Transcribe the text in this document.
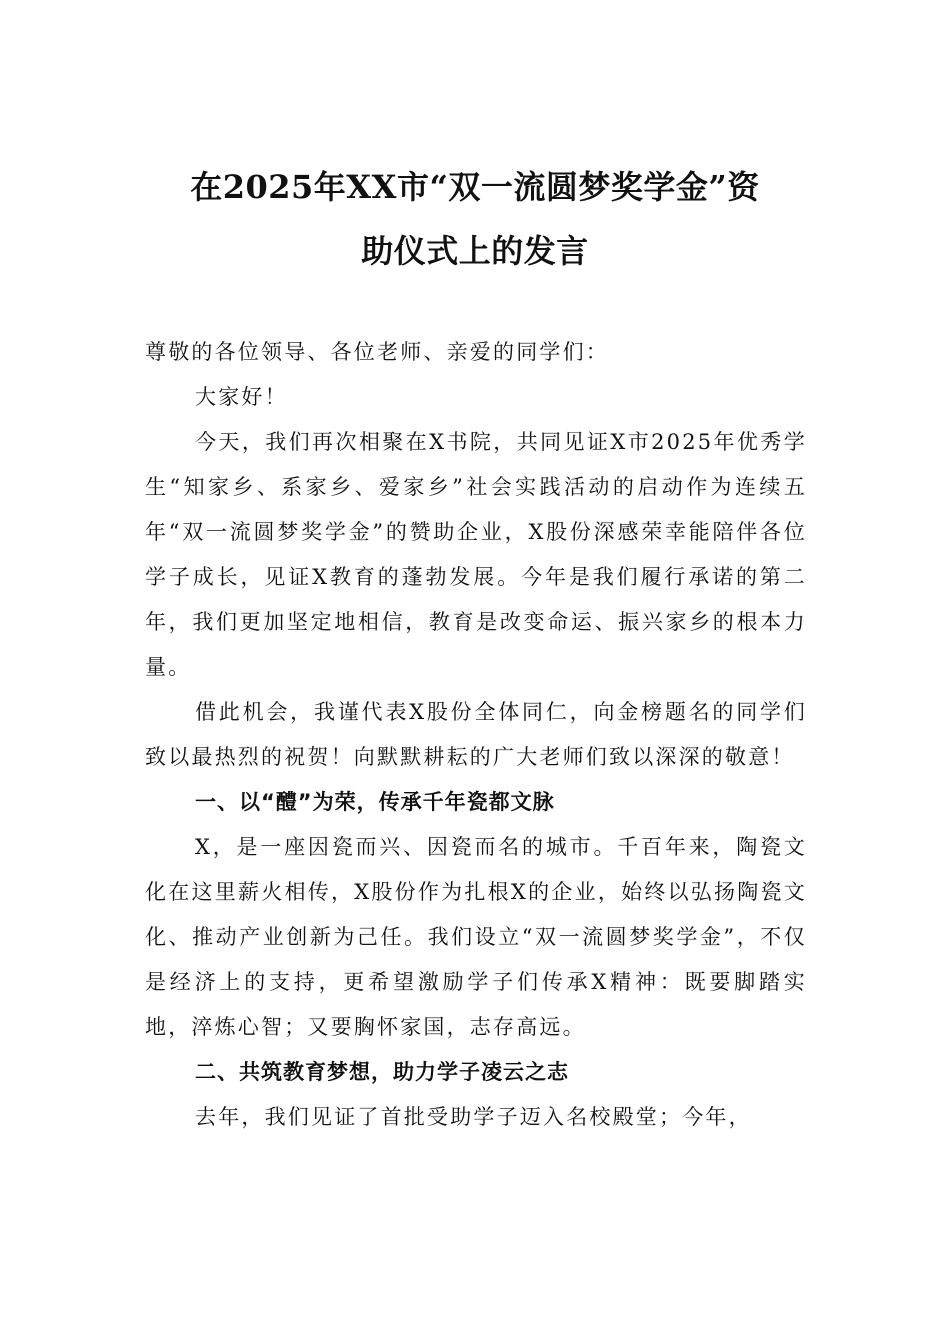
在2025年XX市“双一流圆梦奖学金”资

助仪式上的发言

尊敬的各位领导、各位老师、亲爱的同学们：

大家好！

今天，我们再次相聚在X书院，共同见证X市2025年优秀学生“知家乡、系家乡、爱家乡”社会实践活动的启动作为连续五年“双一流圆梦奖学金”的赞助企业，X股份深感荣幸能陪伴各位学子成长，见证X教育的蓬勃发展。今年是我们履行承诺的第二年，我们更加坚定地相信，教育是改变命运、振兴家乡的根本力量。

借此机会，我谨代表X股份全体同仁，向金榜题名的同学们致以最热烈的祝贺！向默默耕耘的广大老师们致以深深的敬意！

一、以“醴”为荣，传承千年瓷都文脉

X，是一座因瓷而兴、因瓷而名的城市。千百年来，陶瓷文化在这里薪火相传，X股份作为扎根X的企业，始终以弘扬陶瓷文化、推动产业创新为己任。我们设立“双一流圆梦奖学金”，不仅是经济上的支持，更希望激励学子们传承X精神：既要脚踏实地，淬炼心智；又要胸怀家国，志存高远。

二、共筑教育梦想，助力学子凌云之志

去年，我们见证了首批受助学子迈入名校殿堂；今年，
